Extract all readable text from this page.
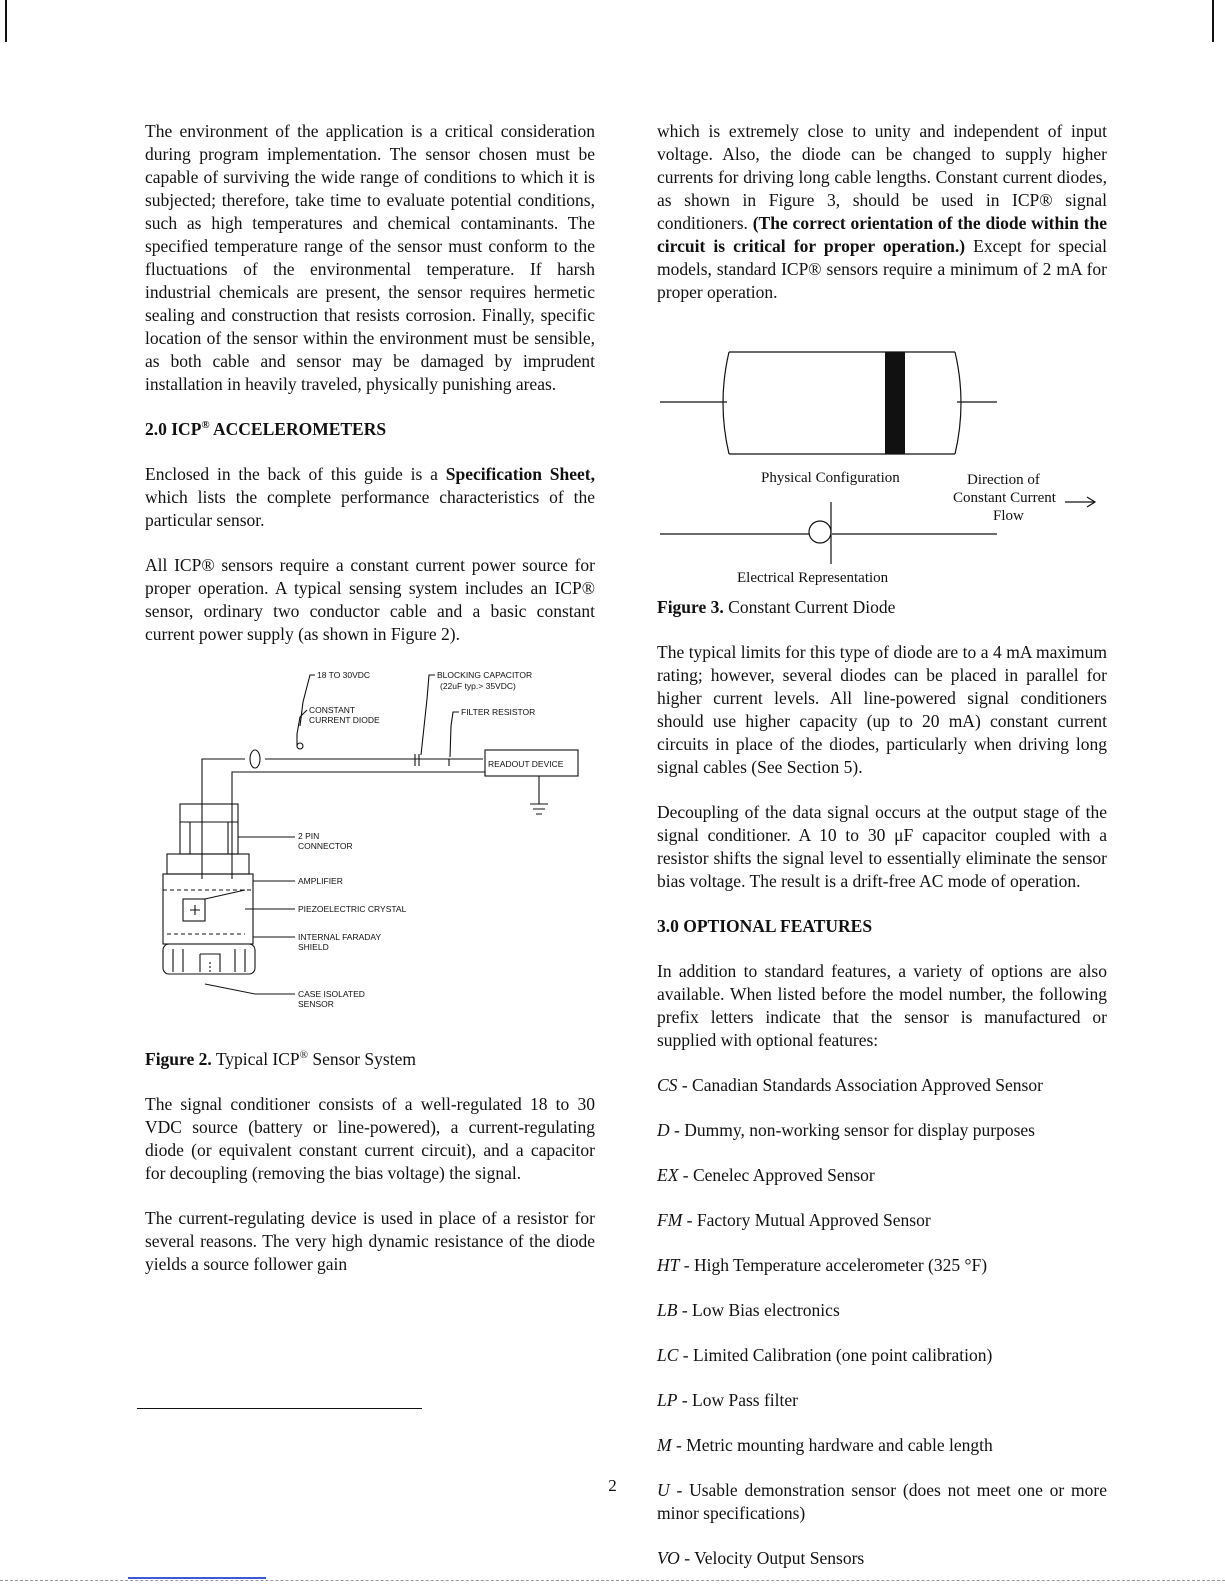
The environment of the application is a critical consideration during program implementation. The sensor chosen must be capable of surviving the wide range of conditions to which it is subjected; therefore, take time to evaluate potential conditions, such as high temperatures and chemical contaminants. The specified temperature range of the sensor must conform to the fluctuations of the environmental temperature. If harsh industrial chemicals are present, the sensor requires hermetic sealing and construction that resists corrosion. Finally, specific location of the sensor within the environment must be sensible, as both cable and sensor may be damaged by imprudent installation in heavily traveled, physically punishing areas.

2.0 ICP® ACCELEROMETERS

Enclosed in the back of this guide is a Specification Sheet, which lists the complete performance characteristics of the particular sensor.

All ICP® sensors require a constant current power source for proper operation. A typical sensing system includes an ICP® sensor, ordinary two conductor cable and a basic constant current power supply (as shown in Figure 2).

18 TO 30VDC
CONSTANT
CURRENT DIODE
BLOCKING CAPACITOR
(22uF typ.> 35VDC)
FILTER RESISTOR
READOUT DEVICE
2 PIN
CONNECTOR
AMPLIFIER
PIEZOELECTRIC CRYSTAL
INTERNAL FARADAY
SHIELD
CASE ISOLATED
SENSOR

Figure 2. Typical ICP® Sensor System

The signal conditioner consists of a well-regulated 18 to 30 VDC source (battery or line-powered), a current-regulating diode (or equivalent constant current circuit), and a capacitor for decoupling (removing the bias voltage) the signal.

The current-regulating device is used in place of a resistor for several reasons. The very high dynamic resistance of the diode yields a source follower gain

which is extremely close to unity and independent of input voltage. Also, the diode can be changed to supply higher currents for driving long cable lengths. Constant current diodes, as shown in Figure 3, should be used in ICP® signal conditioners. (The correct orientation of the diode within the circuit is critical for proper operation.) Except for special models, standard ICP® sensors require a minimum of 2 mA for proper operation.

Physical Configuration	Direction of
Constant Current
Flow
Electrical Representation

Figure 3. Constant Current Diode

The typical limits for this type of diode are to a 4 mA maximum rating; however, several diodes can be placed in parallel for higher current levels. All line-powered signal conditioners should use higher capacity (up to 20 mA) constant current circuits in place of the diodes, particularly when driving long signal cables (See Section 5).

Decoupling of the data signal occurs at the output stage of the signal conditioner. A 10 to 30 μF capacitor coupled with a resistor shifts the signal level to essentially eliminate the sensor bias voltage. The result is a drift-free AC mode of operation.

3.0 OPTIONAL FEATURES

In addition to standard features, a variety of options are also available. When listed before the model number, the following prefix letters indicate that the sensor is manufactured or supplied with optional features:

CS - Canadian Standards Association Approved Sensor

D - Dummy, non-working sensor for display purposes

EX - Cenelec Approved Sensor

FM - Factory Mutual Approved Sensor

HT - High Temperature accelerometer (325 °F)

LB - Low Bias electronics

LC - Limited Calibration (one point calibration)

LP - Low Pass filter

M - Metric mounting hardware and cable length

U - Usable demonstration sensor (does not meet one or more minor specifications)

VO - Velocity Output Sensors

2
